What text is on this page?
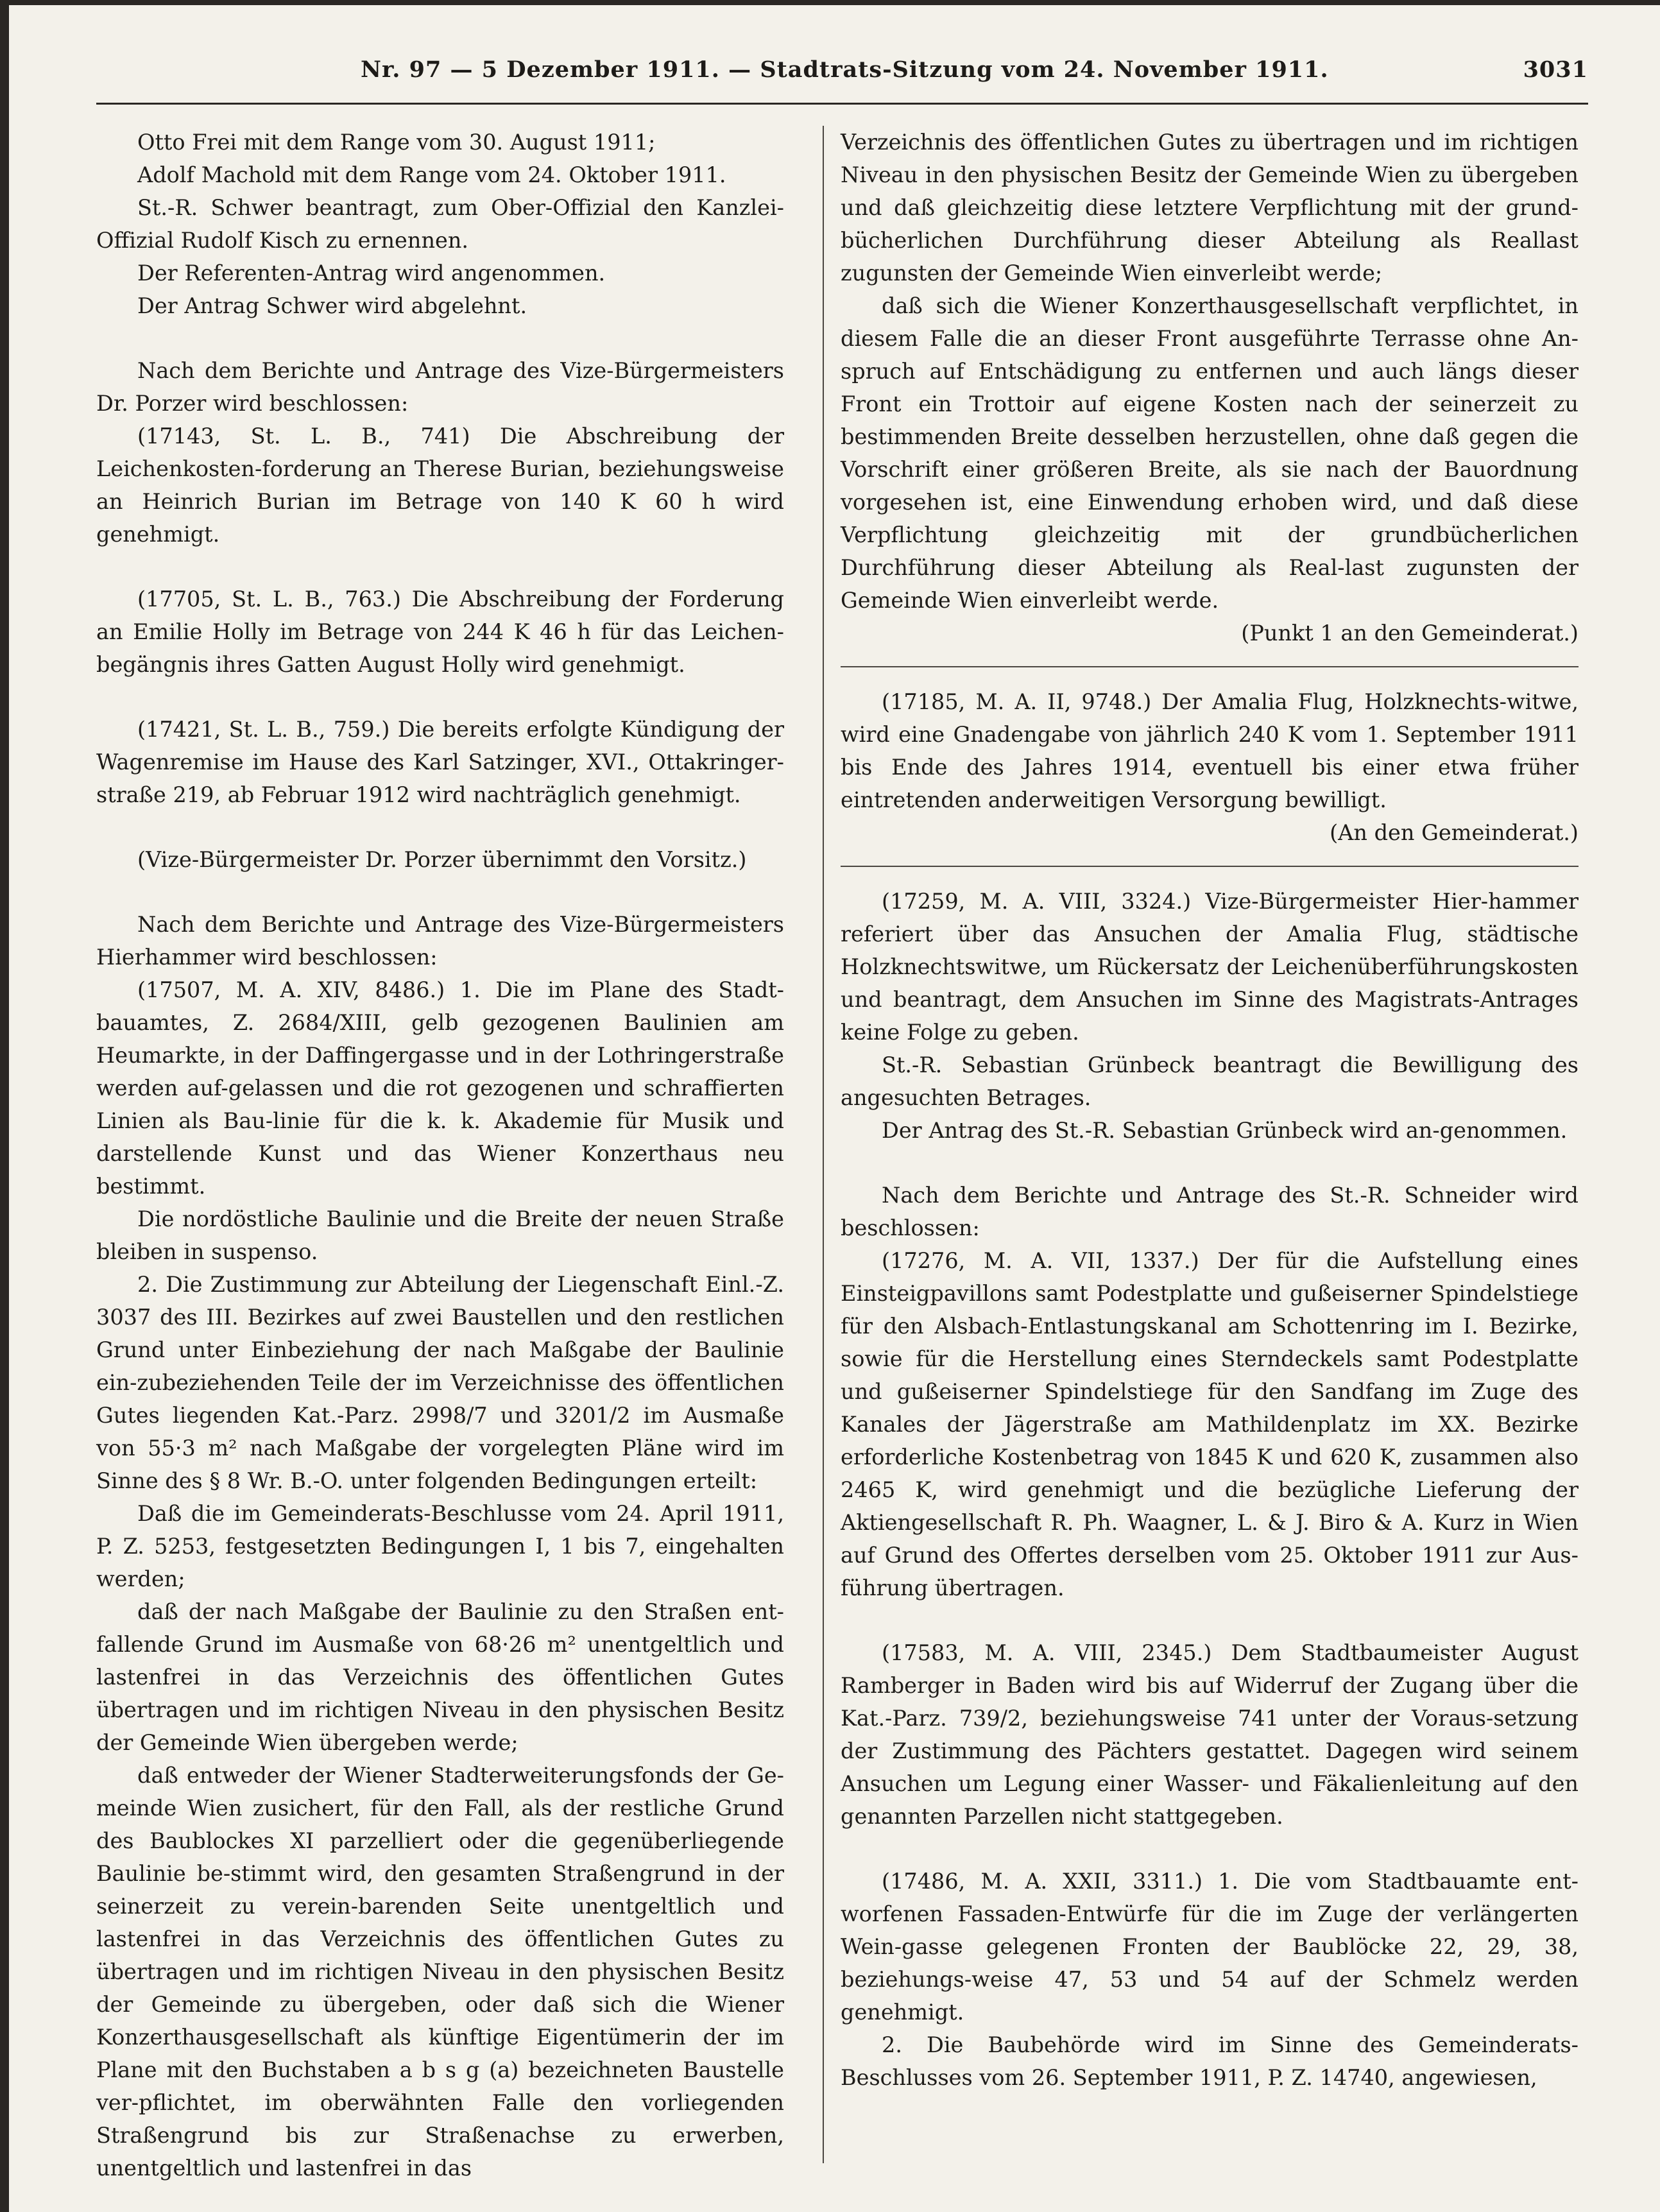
Nr. 97 — 5 Dezember 1911. — Stadtrats-Sitzung vom 24. November 1911.	3031

Otto Frei mit dem Range vom 30. August 1911;

Adolf Machold mit dem Range vom 24. Oktober 1911.

St.-R. Schwer beantragt, zum Ober-Offizial den Kanzlei-Offizial Rudolf Kisch zu ernennen.

Der Referenten-Antrag wird angenommen.

Der Antrag Schwer wird abgelehnt.

Nach dem Berichte und Antrage des Vize-Bürgermeisters Dr. Porzer wird beschlossen:

(17143, St. L. B., 741) Die Abschreibung der Leichenkosten-forderung an Therese Burian, beziehungsweise an Heinrich Burian im Betrage von 140 K 60 h wird genehmigt.

(17705, St. L. B., 763.) Die Abschreibung der Forderung an Emilie Holly im Betrage von 244 K 46 h für das Leichen-begängnis ihres Gatten August Holly wird genehmigt.

(17421, St. L. B., 759.) Die bereits erfolgte Kündigung der Wagenremise im Hause des Karl Satzinger, XVI., Ottakringer-straße 219, ab Februar 1912 wird nachträglich genehmigt.

(Vize-Bürgermeister Dr. Porzer übernimmt den Vorsitz.)

Nach dem Berichte und Antrage des Vize-Bürgermeisters Hierhammer wird beschlossen:

(17507, M. A. XIV, 8486.) 1. Die im Plane des Stadt-bauamtes, Z. 2684/XIII, gelb gezogenen Baulinien am Heumarkte, in der Daffingergasse und in der Lothringerstraße werden auf-gelassen und die rot gezogenen und schraffierten Linien als Bau-linie für die k. k. Akademie für Musik und darstellende Kunst und das Wiener Konzerthaus neu bestimmt.

Die nordöstliche Baulinie und die Breite der neuen Straße bleiben in suspenso.

2. Die Zustimmung zur Abteilung der Liegenschaft Einl.-Z. 3037 des III. Bezirkes auf zwei Baustellen und den restlichen Grund unter Einbeziehung der nach Maßgabe der Baulinie ein-zubeziehenden Teile der im Verzeichnisse des öffentlichen Gutes liegenden Kat.-Parz. 2998/7 und 3201/2 im Ausmaße von 55·3 m² nach Maßgabe der vorgelegten Pläne wird im Sinne des § 8 Wr. B.-O. unter folgenden Bedingungen erteilt:

Daß die im Gemeinderats-Beschlusse vom 24. April 1911, P. Z. 5253, festgesetzten Bedingungen I, 1 bis 7, eingehalten werden;

daß der nach Maßgabe der Baulinie zu den Straßen ent-fallende Grund im Ausmaße von 68·26 m² unentgeltlich und lastenfrei in das Verzeichnis des öffentlichen Gutes übertragen und im richtigen Niveau in den physischen Besitz der Gemeinde Wien übergeben werde;

daß entweder der Wiener Stadterweiterungsfonds der Ge-meinde Wien zusichert, für den Fall, als der restliche Grund des Baublockes XI parzelliert oder die gegenüberliegende Baulinie be-stimmt wird, den gesamten Straßengrund in der seinerzeit zu verein-barenden Seite unentgeltlich und lastenfrei in das Verzeichnis des öffentlichen Gutes zu übertragen und im richtigen Niveau in den physischen Besitz der Gemeinde zu übergeben, oder daß sich die Wiener Konzerthausgesellschaft als künftige Eigentümerin der im Plane mit den Buchstaben a b s g (a) bezeichneten Baustelle ver-pflichtet, im oberwähnten Falle den vorliegenden Straßengrund bis zur Straßenachse zu erwerben, unentgeltlich und lastenfrei in das

Verzeichnis des öffentlichen Gutes zu übertragen und im richtigen Niveau in den physischen Besitz der Gemeinde Wien zu übergeben und daß gleichzeitig diese letztere Verpflichtung mit der grund-bücherlichen Durchführung dieser Abteilung als Reallast zugunsten der Gemeinde Wien einverleibt werde;

daß sich die Wiener Konzerthausgesellschaft verpflichtet, in diesem Falle die an dieser Front ausgeführte Terrasse ohne An-spruch auf Entschädigung zu entfernen und auch längs dieser Front ein Trottoir auf eigene Kosten nach der seinerzeit zu bestimmenden Breite desselben herzustellen, ohne daß gegen die Vorschrift einer größeren Breite, als sie nach der Bauordnung vorgesehen ist, eine Einwendung erhoben wird, und daß diese Verpflichtung gleichzeitig mit der grundbücherlichen Durchführung dieser Abteilung als Real-last zugunsten der Gemeinde Wien einverleibt werde.

(Punkt 1 an den Gemeinderat.)

(17185, M. A. II, 9748.) Der Amalia Flug, Holzknechts-witwe, wird eine Gnadengabe von jährlich 240 K vom 1. September 1911 bis Ende des Jahres 1914, eventuell bis einer etwa früher eintretenden anderweitigen Versorgung bewilligt.

(An den Gemeinderat.)

(17259, M. A. VIII, 3324.) Vize-Bürgermeister Hier-hammer referiert über das Ansuchen der Amalia Flug, städtische Holzknechtswitwe, um Rückersatz der Leichenüberführungskosten und beantragt, dem Ansuchen im Sinne des Magistrats-Antrages keine Folge zu geben.

St.-R. Sebastian Grünbeck beantragt die Bewilligung des angesuchten Betrages.

Der Antrag des St.-R. Sebastian Grünbeck wird an-genommen.

Nach dem Berichte und Antrage des St.-R. Schneider wird beschlossen:

(17276, M. A. VII, 1337.) Der für die Aufstellung eines Einsteigpavillons samt Podestplatte und gußeiserner Spindelstiege für den Alsbach-Entlastungskanal am Schottenring im I. Bezirke, sowie für die Herstellung eines Sterndeckels samt Podestplatte und gußeiserner Spindelstiege für den Sandfang im Zuge des Kanales der Jägerstraße am Mathildenplatz im XX. Bezirke erforderliche Kostenbetrag von 1845 K und 620 K, zusammen also 2465 K, wird genehmigt und die bezügliche Lieferung der Aktiengesellschaft R. Ph. Waagner, L. & J. Biro & A. Kurz in Wien auf Grund des Offertes derselben vom 25. Oktober 1911 zur Aus-führung übertragen.

(17583, M. A. VIII, 2345.) Dem Stadtbaumeister August Ramberger in Baden wird bis auf Widerruf der Zugang über die Kat.-Parz. 739/2, beziehungsweise 741 unter der Voraus-setzung der Zustimmung des Pächters gestattet. Dagegen wird seinem Ansuchen um Legung einer Wasser- und Fäkalienleitung auf den genannten Parzellen nicht stattgegeben.

(17486, M. A. XXII, 3311.) 1. Die vom Stadtbauamte ent-worfenen Fassaden-Entwürfe für die im Zuge der verlängerten Wein-gasse gelegenen Fronten der Baublöcke 22, 29, 38, beziehungs-weise 47, 53 und 54 auf der Schmelz werden genehmigt.

2. Die Baubehörde wird im Sinne des Gemeinderats-Beschlusses vom 26. September 1911, P. Z. 14740, angewiesen,
